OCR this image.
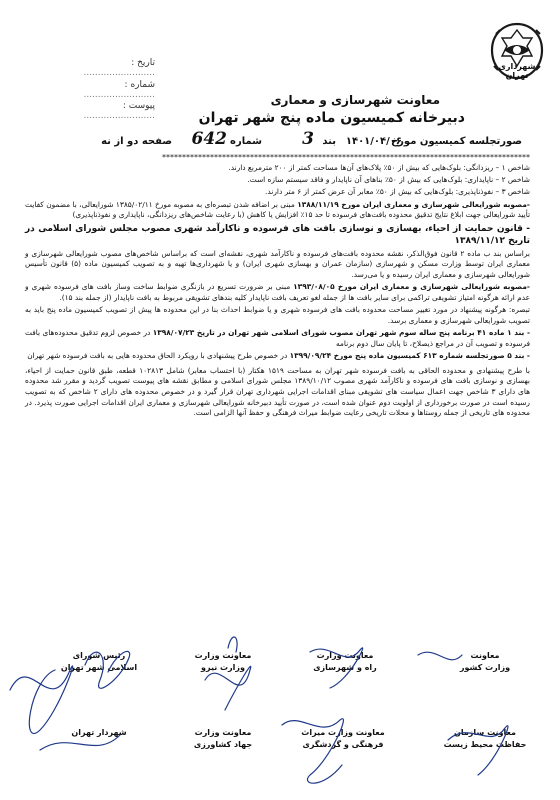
شهرداری تهران
تاریخ : .........................
شماره : .........................
پیوست : .........................
معاونت شهرسازی و معماری
دبیرخانه کمیسیون ماده پنج شهر تهران
صورتجلسه کمیسیون مورخ
۱۴۰۱/۰۴/۰۶
بند
3
شماره
642
صفحه دو از نه
********************************************************************************************

شاخص ۱ – ریزدانگی: بلوک‌هایی که بیش از ۵۰٪ پلاک‌های آن‌ها مساحت کمتر از ۲۰۰ مترمربع دارند.

شاخص ۲ – ناپایداری: بلوک‌هایی که بیش از ۵۰٪ بناهای آن ناپایدار و فاقد سیستم سازه است.

شاخص ۳ – نفوذناپذیری: بلوک‌هایی که بیش از ۵۰٪ معابر آن عرض کمتر از ۶ متر دارند.

-مصوبه شورایعالی شهرسازی و معماری ایران مورخ ۱۳۸۸/۱۱/۱۹ مبنی بر اضافه شدن تبصره‌ای به مصوبه مورخ ۱۳۸۵/۰۲/۱۱ شورایعالی، با مضمون کفایت تأیید شورایعالی جهت ابلاغ نتایج تدقیق محدوده بافت‌های فرسوده تا حد ۱۵٪ افزایش یا کاهش (با رعایت شاخص‌های ریزدانگی، ناپایداری و نفوذناپذیری)

- قانون حمایت از احیاء، بهسازی و نوسازی بافت های فرسوده و ناکارآمد شهری مصوب مجلس شورای اسلامی در تاریخ ۱۳۸۹/۱۱/۱۲

براساس بند ب ماده ۲ قانون فوق‌الذکر، نقشه محدوده بافت‌های فرسوده و ناکارآمد شهری، نقشه‌ای است که براساس شاخص‌های مصوب شورایعالی شهرسازی و معماری ایران توسط وزارت مسکن و شهرسازی (سازمان عمران و بهسازی شهری ایران) و یا شهرداری‌ها تهیه و به تصویب کمیسیون ماده (۵) قانون تأسیس شورایعالی شهرسازی و معماری ایران رسیده و یا می‌رسد.

-مصوبه شورایعالی شهرسازی و معماری ایران مورخ ۱۳۹۳/۰۸/۰۵ مبنی بر ضرورت تسریع در بازنگری ضوابط ساخت وساز بافت های فرسوده شهری و عدم ارائه هرگونه امتیاز تشویقی تراکمی برای سایر بافت ها از جمله لغو تعریف بافت ناپایدار کلیه بندهای تشویقی مربوط به بافت ناپایدار (از جمله بند ۱۵).

تبصره: هرگونه پیشنهاد در مورد تغییر مساحت محدوده بافت های فرسوده شهری و یا ضوابط احداث بنا در این محدوده ها پیش از تصویب کمیسیون ماده پنج باید به تصویب شورایعالی شهرسازی و معماری برسد.

- بند ۱ ماده ۴۱ برنامه پنج ساله سوم شهر تهران مصوب شورای اسلامی شهر تهران در تاریخ ۱۳۹۸/۰۷/۲۳ در خصوص لزوم تدقیق محدوده‌های بافت فرسوده و تصویب آن در مراجع ذیصلاح، تا پایان سال دوم برنامه

- بند ۵ صورتجلسه شماره ۶۱۳ کمیسیون ماده پنج مورخ ۱۳۹۹/۰۹/۲۴ در خصوص طرح پیشنهادی با رویکرد الحاق محدوده هایی به بافت فرسوده شهر تهران

با طرح پیشنهادی و محدوده الحاقی به بافت فرسوده شهر تهران به مساحت ۱۵۱۹ هکتار (با احتساب معابر) شامل ۱۰۲۸۱۳ قطعه، طبق قانون حمایت از احیاء، بهسازی و نوسازی بافت های فرسوده و ناکارآمد شهری مصوب ۱۳۸۹/۱۰/۱۲ مجلس شورای اسلامی و مطابق نقشه های پیوست تصویب گردید و مقرر شد محدوده های دارای ۳ شاخص جهت اعمال سیاست های تشویقی مبنای اقدامات اجرایی شهرداری تهران قرار گیرد و در خصوص محدوده های دارای ۲ شاخص که به تصویب رسیده است در صورت برخورداری از اولویت دوم عنوان شده است، در صورت تأیید دبیرخانه شورایعالی شهرسازی و معماری ایران اقدامات اجرایی صورت پذیرد. در محدوده های تاریخی از جمله روستاها و محلات تاریخی رعایت ضوابط میراث فرهنگی و حفظ آنها الزامی است.

رئیس شورای
اسلامی شهر تهران
معاونت وزارت
وزارت نیرو
معاونت وزارت
راه و شهرسازی
معاونت
وزارت کشور
شهردار تهران	معاونت وزارت
جهاد کشاورزی
معاونت وزارت میراث
فرهنگی و گردشگری
معاونت سازمان
حفاظت محیط زیست
